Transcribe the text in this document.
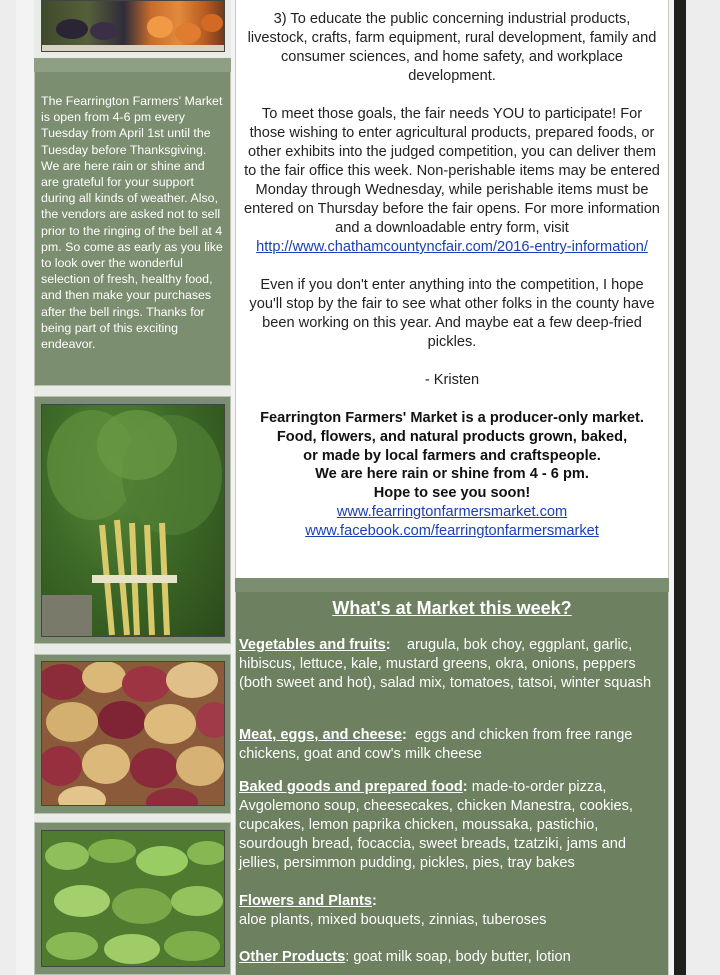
The Fearrington Farmers' Market is open from 4-6 pm every Tuesday from April 1st until the Tuesday before Thanksgiving. We are here rain or shine and are grateful for your support during all kinds of weather. Also, the vendors are asked not to sell
prior to the ringing of the bell at 4 pm. So come as early as you like to look over the wonderful selection of fresh, healthy food, and then make your purchases after the bell rings. Thanks for being part of this exciting endeavor.

3) To educate the public concerning industrial products, livestock, crafts, farm equipment, rural development, family and consumer sciences, and home safety, and workplace development.

To meet those goals, the fair needs YOU to participate! For those wishing to enter agricultural products, prepared foods, or other exhibits into the judged competition, you can deliver them to the fair office this week. Non-perishable items may be entered Monday through Wednesday, while perishable items must be entered on Thursday before the fair opens. For more information and a downloadable entry form, visit http://www.chathamcountyncfair.com/2016-entry-information/

Even if you don't enter anything into the competition, I hope you'll stop by the fair to see what other folks in the county have been working on this year. And maybe eat a few deep-fried pickles.

- Kristen

Fearrington Farmers' Market is a producer-only market.
Food, flowers, and natural products grown, baked,
or made by local farmers and craftspeople.
We are here rain or shine from 4 - 6 pm.
Hope to see you soon!
www.fearringtonfarmersmarket.com
www.facebook.com/fearringtonfarmersmarket
What's at Market this week?
Vegetables and fruits:    arugula, bok choy, eggplant, garlic, hibiscus, lettuce, kale, mustard greens, okra, onions, peppers (both sweet and hot), salad mix, tomatoes, tatsoi, winter squash
Meat, eggs, and cheese:  eggs and chicken from free range chickens, goat and cow's milk cheese
Baked goods and prepared food: made-to-order pizza, Avgolemono soup, cheesecakes, chicken Manestra, cookies, cupcakes, lemon paprika chicken, moussaka, pastichio, sourdough bread, focaccia, sweet breads, tzatziki, jams and jellies, persimmon pudding, pickles, pies, tray bakes
Flowers and Plants:
aloe plants, mixed bouquets, zinnias, tuberoses
Other Products: goat milk soap, body butter, lotion
